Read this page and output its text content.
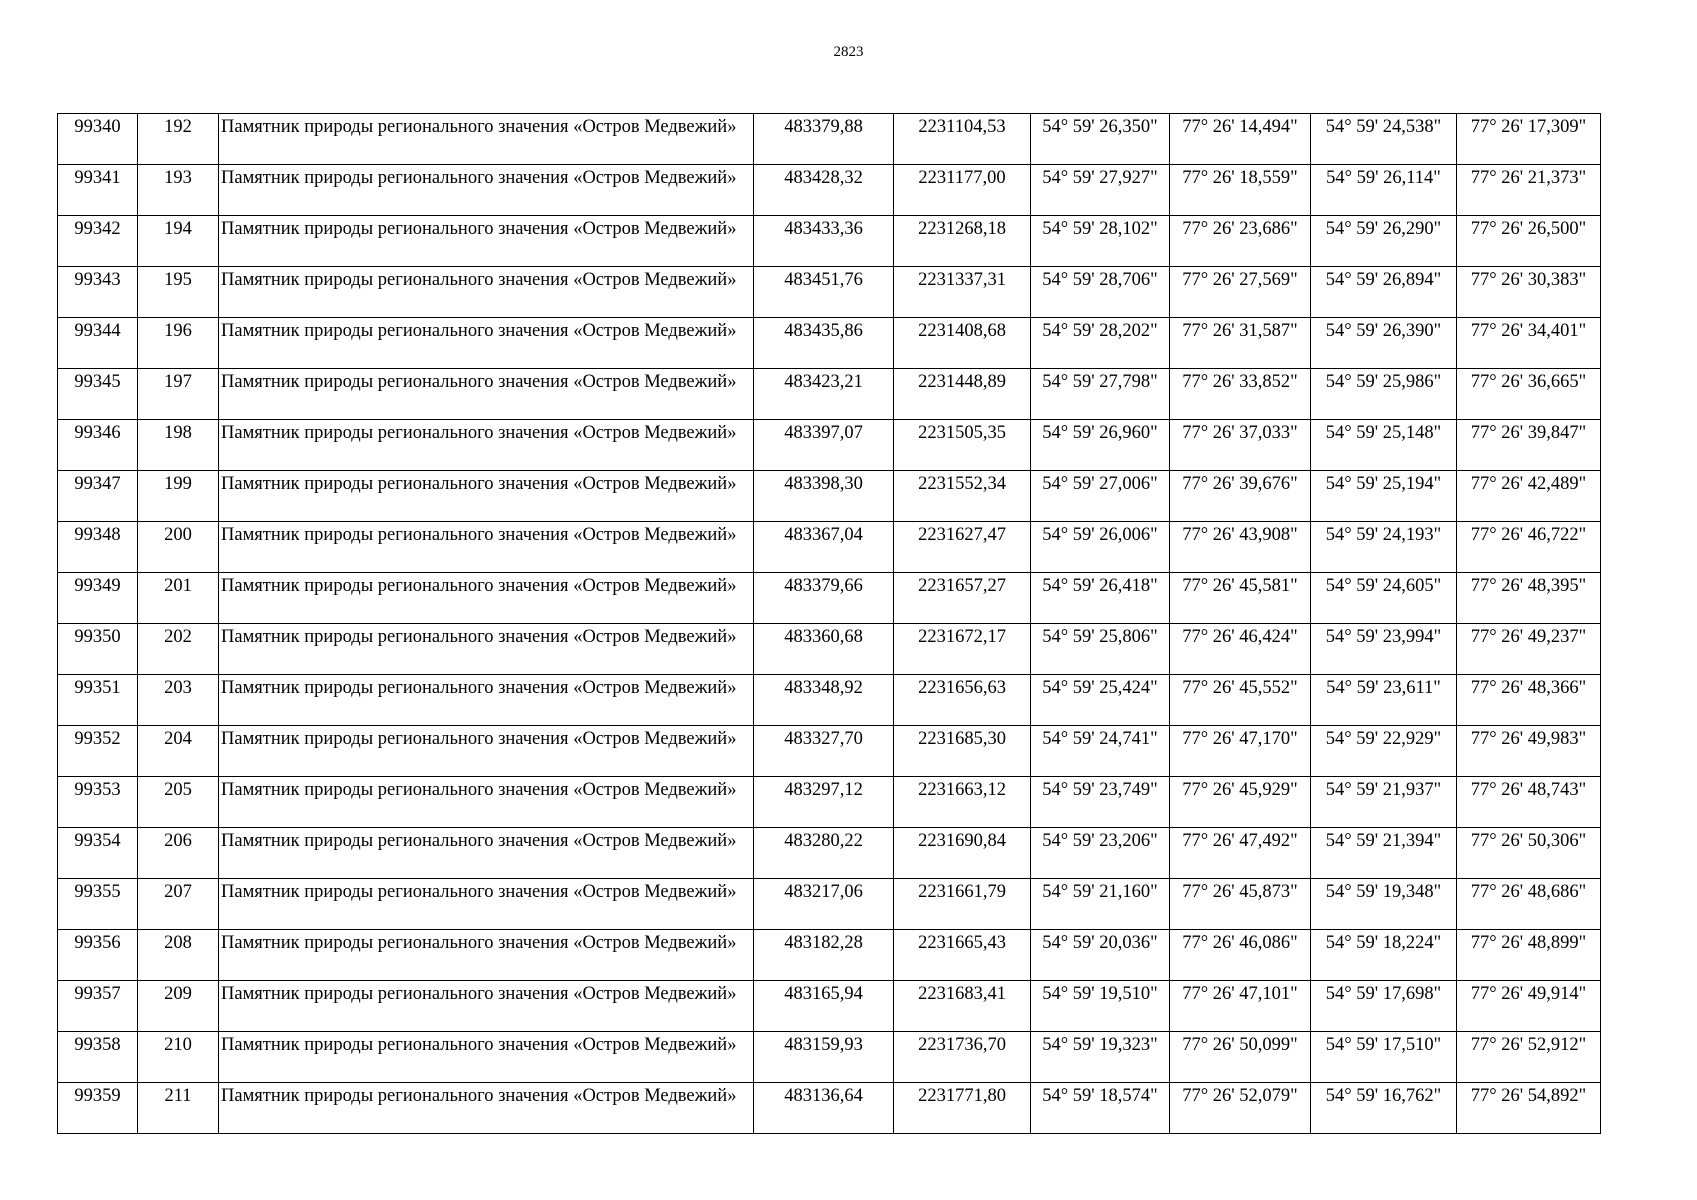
2823
99340	192	Памятник природы регионального значения «Остров Медвежий»	483379,88	2231104,53	54° 59' 26,350"	77° 26' 14,494"	54° 59' 24,538"	77° 26' 17,309"
99341	193	Памятник природы регионального значения «Остров Медвежий»	483428,32	2231177,00	54° 59' 27,927"	77° 26' 18,559"	54° 59' 26,114"	77° 26' 21,373"
99342	194	Памятник природы регионального значения «Остров Медвежий»	483433,36	2231268,18	54° 59' 28,102"	77° 26' 23,686"	54° 59' 26,290"	77° 26' 26,500"
99343	195	Памятник природы регионального значения «Остров Медвежий»	483451,76	2231337,31	54° 59' 28,706"	77° 26' 27,569"	54° 59' 26,894"	77° 26' 30,383"
99344	196	Памятник природы регионального значения «Остров Медвежий»	483435,86	2231408,68	54° 59' 28,202"	77° 26' 31,587"	54° 59' 26,390"	77° 26' 34,401"
99345	197	Памятник природы регионального значения «Остров Медвежий»	483423,21	2231448,89	54° 59' 27,798"	77° 26' 33,852"	54° 59' 25,986"	77° 26' 36,665"
99346	198	Памятник природы регионального значения «Остров Медвежий»	483397,07	2231505,35	54° 59' 26,960"	77° 26' 37,033"	54° 59' 25,148"	77° 26' 39,847"
99347	199	Памятник природы регионального значения «Остров Медвежий»	483398,30	2231552,34	54° 59' 27,006"	77° 26' 39,676"	54° 59' 25,194"	77° 26' 42,489"
99348	200	Памятник природы регионального значения «Остров Медвежий»	483367,04	2231627,47	54° 59' 26,006"	77° 26' 43,908"	54° 59' 24,193"	77° 26' 46,722"
99349	201	Памятник природы регионального значения «Остров Медвежий»	483379,66	2231657,27	54° 59' 26,418"	77° 26' 45,581"	54° 59' 24,605"	77° 26' 48,395"
99350	202	Памятник природы регионального значения «Остров Медвежий»	483360,68	2231672,17	54° 59' 25,806"	77° 26' 46,424"	54° 59' 23,994"	77° 26' 49,237"
99351	203	Памятник природы регионального значения «Остров Медвежий»	483348,92	2231656,63	54° 59' 25,424"	77° 26' 45,552"	54° 59' 23,611"	77° 26' 48,366"
99352	204	Памятник природы регионального значения «Остров Медвежий»	483327,70	2231685,30	54° 59' 24,741"	77° 26' 47,170"	54° 59' 22,929"	77° 26' 49,983"
99353	205	Памятник природы регионального значения «Остров Медвежий»	483297,12	2231663,12	54° 59' 23,749"	77° 26' 45,929"	54° 59' 21,937"	77° 26' 48,743"
99354	206	Памятник природы регионального значения «Остров Медвежий»	483280,22	2231690,84	54° 59' 23,206"	77° 26' 47,492"	54° 59' 21,394"	77° 26' 50,306"
99355	207	Памятник природы регионального значения «Остров Медвежий»	483217,06	2231661,79	54° 59' 21,160"	77° 26' 45,873"	54° 59' 19,348"	77° 26' 48,686"
99356	208	Памятник природы регионального значения «Остров Медвежий»	483182,28	2231665,43	54° 59' 20,036"	77° 26' 46,086"	54° 59' 18,224"	77° 26' 48,899"
99357	209	Памятник природы регионального значения «Остров Медвежий»	483165,94	2231683,41	54° 59' 19,510"	77° 26' 47,101"	54° 59' 17,698"	77° 26' 49,914"
99358	210	Памятник природы регионального значения «Остров Медвежий»	483159,93	2231736,70	54° 59' 19,323"	77° 26' 50,099"	54° 59' 17,510"	77° 26' 52,912"
99359	211	Памятник природы регионального значения «Остров Медвежий»	483136,64	2231771,80	54° 59' 18,574"	77° 26' 52,079"	54° 59' 16,762"	77° 26' 54,892"
